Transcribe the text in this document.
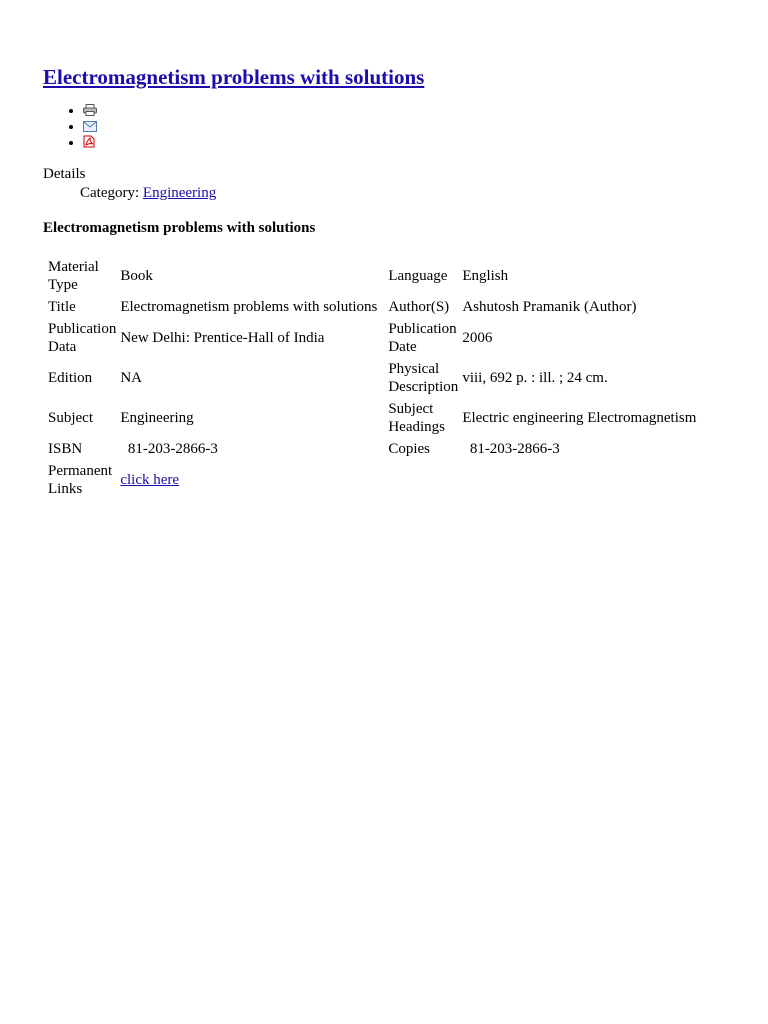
Electromagnetism problems with solutions
•
•
•
Details
Category: Engineering
Electromagnetism problems with solutions
Material Type	Book	Language	English
Title	Electromagnetism problems with solutions	Author(S)	Ashutosh Pramanik (Author)
Publication Data	New Delhi: Prentice-Hall of India	Publication Date	2006
Edition	NA	Physical Description	viii, 692 p. : ill. ; 24 cm.
Subject	Engineering	Subject Headings	Electric engineering Electromagnetism
ISBN	81-203-2866-3	Copies	81-203-2866-3
Permanent Links	click here		
